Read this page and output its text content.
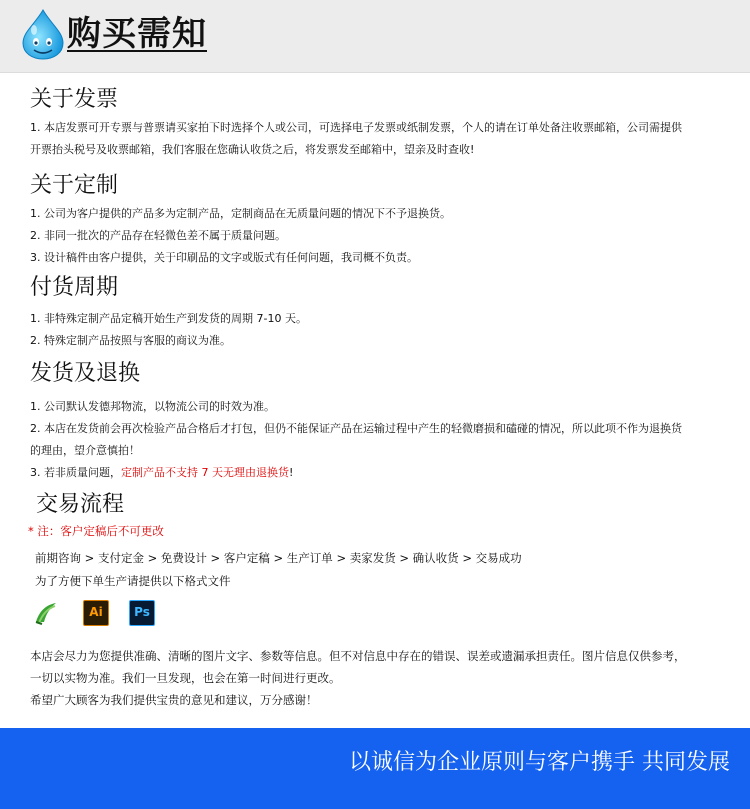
购买需知
关于发票

1. 本店发票可开专票与普票请买家拍下时选择个人或公司，可选择电子发票或纸制发票，个人的请在订单处备注收票邮箱，公司需提供

开票抬头税号及收票邮箱，我们客服在您确认收货之后，将发票发至邮箱中，望亲及时查收!

关于定制

1. 公司为客户提供的产品多为定制产品，定制商品在无质量问题的情况下不予退换货。

2. 非同一批次的产品存在轻微色差不属于质量问题。

3. 设计稿件由客户提供，关于印刷品的文字或版式有任何问题，我司概不负责。

付货周期

1. 非特殊定制产品定稿开始生产到发货的周期 7-10 天。

2. 特殊定制产品按照与客服的商议为准。

发货及退换

1. 公司默认发德邦物流，以物流公司的时效为准。

2. 本店在发货前会再次检验产品合格后才打包，但仍不能保证产品在运输过程中产生的轻微磨损和磕碰的情况，所以此项不作为退换货

的理由，望介意慎拍！

3. 若非质量问题，定制产品不支持 7 天无理由退换货!

交易流程
* 注：客户定稿后不可更改
前期咨询 > 支付定金 > 免费设计 > 客户定稿 > 生产订单 > 卖家发货 > 确认收货 > 交易成功
为了方便下单生产请提供以下格式文件
Ai	Ps

本店会尽力为您提供准确、清晰的图片文字、参数等信息。但不对信息中存在的错误、误差或遗漏承担责任。图片信息仅供参考，

一切以实物为准。我们一旦发现，也会在第一时间进行更改。

希望广大顾客为我们提供宝贵的意见和建议，万分感谢！

以诚信为企业原则与客户携手 共同发展
